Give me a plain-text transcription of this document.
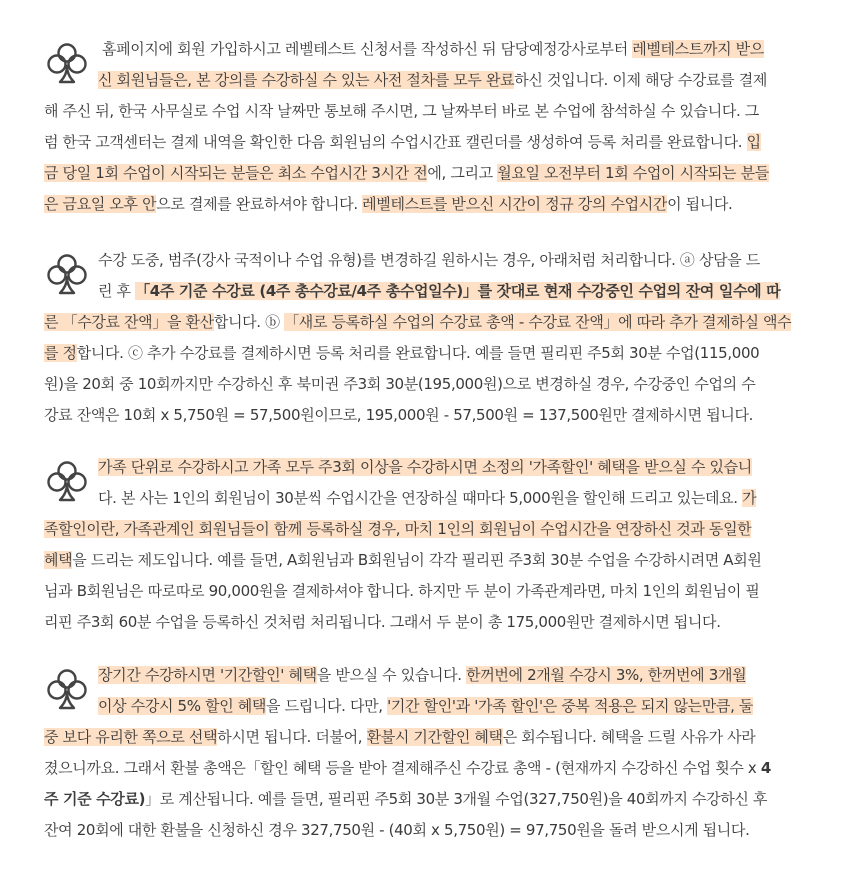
홈페이지에 회원 가입하시고 레벨테스트 신청서를 작성하신 뒤 담당예정강사로부터 레벨테스트까지 받으
신 회원님들은, 본 강의를 수강하실 수 있는 사전 절차를 모두 완료하신 것입니다. 이제 해당 수강료를 결제
해 주신 뒤, 한국 사무실로 수업 시작 날짜만 통보해 주시면, 그 날짜부터 바로 본 수업에 참석하실 수 있습니다. 그
럼 한국 고객센터는 결제 내역을 확인한 다음 회원님의 수업시간표 캘린더를 생성하여 등록 처리를 완료합니다. 입
금 당일 1회 수업이 시작되는 분들은 최소 수업시간 3시간 전에, 그리고 월요일 오전부터 1회 수업이 시작되는 분들
은 금요일 오후 안으로 결제를 완료하셔야 합니다. 레벨테스트를 받으신 시간이 정규 강의 수업시간이 됩니다.
수강 도중, 범주(강사 국적이나 수업 유형)를 변경하길 원하시는 경우, 아래처럼 처리합니다. ⓐ 상담을 드
린 후 「4주 기준 수강료 (4주 총수강료/4주 총수업일수)」를 잣대로 현재 수강중인 수업의 잔여 일수에 따
른 「수강료 잔액」을 환산합니다. ⓑ 「새로 등록하실 수업의 수강료 총액 - 수강료 잔액」에 따라 추가 결제하실 액수
를 정합니다. ⓒ 추가 수강료를 결제하시면 등록 처리를 완료합니다. 예를 들면 필리핀 주5회 30분 수업(115,000
원)을 20회 중 10회까지만 수강하신 후 북미권 주3회 30분(195,000원)으로 변경하실 경우, 수강중인 수업의 수
강료 잔액은 10회 x 5,750원 = 57,500원이므로, 195,000원 - 57,500원 = 137,500원만 결제하시면 됩니다.
가족 단위로 수강하시고 가족 모두 주3회 이상을 수강하시면 소정의 '가족할인' 혜택을 받으실 수 있습니
다. 본 사는 1인의 회원님이 30분씩 수업시간을 연장하실 때마다 5,000원을 할인해 드리고 있는데요. 가
족할인이란, 가족관계인 회원님들이 함께 등록하실 경우, 마치 1인의 회원님이 수업시간을 연장하신 것과 동일한
혜택을 드리는 제도입니다. 예를 들면, A회원님과 B회원님이 각각 필리핀 주3회 30분 수업을 수강하시려면 A회원
님과 B회원님은 따로따로 90,000원을 결제하셔야 합니다. 하지만 두 분이 가족관계라면, 마치 1인의 회원님이 필
리핀 주3회 60분 수업을 등록하신 것처럼 처리됩니다. 그래서 두 분이 총 175,000원만 결제하시면 됩니다.
장기간 수강하시면 '기간할인' 혜택을 받으실 수 있습니다. 한꺼번에 2개월 수강시 3%, 한꺼번에 3개월
이상 수강시 5% 할인 혜택을 드립니다. 다만, '기간 할인'과 '가족 할인'은 중복 적용은 되지 않는만큼, 둘
중 보다 유리한 쪽으로 선택하시면 됩니다. 더불어, 환불시 기간할인 혜택은 회수됩니다. 혜택을 드릴 사유가 사라
졌으니까요. 그래서 환불 총액은「할인 혜택 등을 받아 결제해주신 수강료 총액 - (현재까지 수강하신 수업 횟수 x 4
주 기준 수강료)」로 계산됩니다. 예를 들면, 필리핀 주5회 30분 3개월 수업(327,750원)을 40회까지 수강하신 후
잔여 20회에 대한 환불을 신청하신 경우 327,750원 - (40회 x 5,750원) = 97,750원을 돌려 받으시게 됩니다.
